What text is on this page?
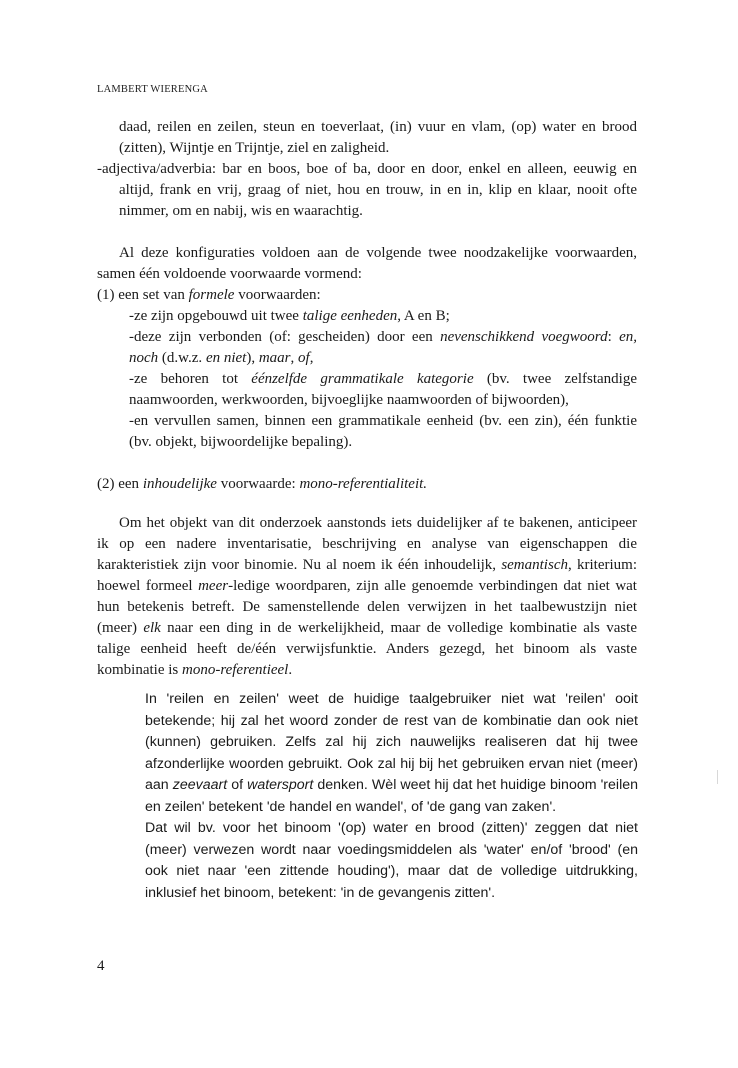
LAMBERT WIERENGA

daad, reilen en zeilen, steun en toeverlaat, (in) vuur en vlam, (op) water en brood (zitten), Wijntje en Trijntje, ziel en zaligheid.

-adjectiva/adverbia: bar en boos, boe of ba, door en door, enkel en alleen, eeuwig en altijd, frank en vrij, graag of niet, hou en trouw, in en in, klip en klaar, nooit ofte nimmer, om en nabij, wis en waarachtig.

Al deze konfiguraties voldoen aan de volgende twee noodzakelijke voorwaarden, samen één voldoende voorwaarde vormend:

(1) een set van formele voorwaarden:

-ze zijn opgebouwd uit twee talige eenheden, A en B;

-deze zijn verbonden (of: gescheiden) door een nevenschikkend voegwoord: en, noch (d.w.z. en niet), maar, of,

-ze behoren tot éénzelfde grammatikale kategorie (bv. twee zelfstandige naamwoorden, werkwoorden, bijvoeglijke naamwoorden of bijwoorden),

-en vervullen samen, binnen een grammatikale eenheid (bv. een zin), één funktie (bv. objekt, bijwoordelijke bepaling).

(2) een inhoudelijke voorwaarde: mono-referentialiteit.

Om het objekt van dit onderzoek aanstonds iets duidelijker af te bakenen, anticipeer ik op een nadere inventarisatie, beschrijving en analyse van eigenschappen die karakteristiek zijn voor binomie. Nu al noem ik één inhoudelijk, semantisch, kriterium: hoewel formeel meer-ledige woordparen, zijn alle genoemde verbindingen dat niet wat hun betekenis betreft. De samenstellende delen verwijzen in het taalbewustzijn niet (meer) elk naar een ding in de werkelijkheid, maar de volledige kombinatie als vaste talige eenheid heeft de/één verwijsfunktie. Anders gezegd, het binoom als vaste kombinatie is mono-referentieel.

In 'reilen en zeilen' weet de huidige taalgebruiker niet wat 'reilen' ooit betekende; hij zal het woord zonder de rest van de kombinatie dan ook niet (kunnen) gebruiken. Zelfs zal hij zich nauwelijks realiseren dat hij twee afzonderlijke woorden gebruikt. Ook zal hij bij het gebruiken ervan niet (meer) aan zeevaart of watersport denken. Wèl weet hij dat het huidige binoom 'reilen en zeilen' betekent 'de handel en wandel', of 'de gang van zaken'.

Dat wil bv. voor het binoom '(op) water en brood (zitten)' zeggen dat niet (meer) verwezen wordt naar voedingsmiddelen als 'water' en/of 'brood' (en ook niet naar 'een zittende houding'), maar dat de volledige uitdrukking, inklusief het binoom, betekent: 'in de gevangenis zitten'.

4
